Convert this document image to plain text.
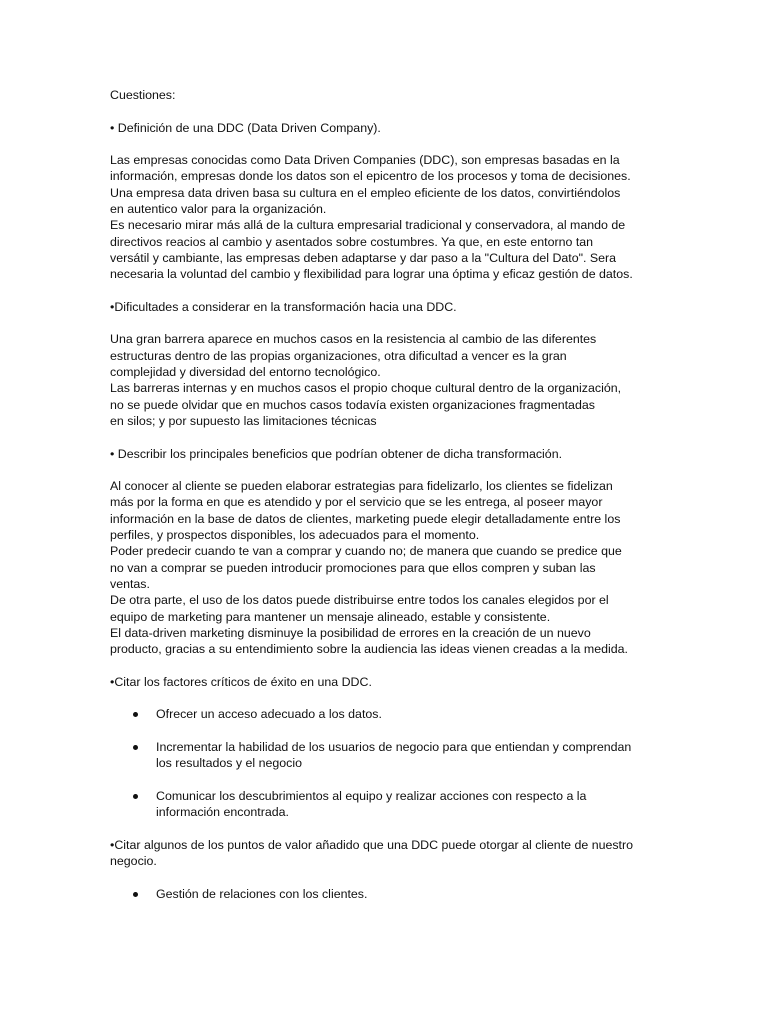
Cuestiones:
• Definición de una DDC (Data Driven Company).
Las empresas conocidas como Data Driven Companies (DDC), son empresas basadas en la
información, empresas donde los datos son el epicentro de los procesos y toma de decisiones.
Una empresa data driven basa su cultura en el empleo eficiente de los datos, convirtiéndolos
en autentico valor para la organización.
Es necesario mirar más allá de la cultura empresarial tradicional y conservadora, al mando de
directivos reacios al cambio y asentados sobre costumbres. Ya que, en este entorno tan
versátil y cambiante, las empresas deben adaptarse y dar paso a la "Cultura del Dato". Sera
necesaria la voluntad del cambio y flexibilidad para lograr una óptima y eficaz gestión de datos.
•Dificultades a considerar en la transformación hacia una DDC.
Una gran barrera aparece en muchos casos en la resistencia al cambio de las diferentes
estructuras dentro de las propias organizaciones, otra dificultad a vencer es la gran
complejidad y diversidad del entorno tecnológico.
Las barreras internas y en muchos casos el propio choque cultural dentro de la organización,
no se puede olvidar que en muchos casos todavía existen organizaciones fragmentadas
en silos; y por supuesto las limitaciones técnicas
• Describir los principales beneficios que podrían obtener de dicha transformación.
Al conocer al cliente se pueden elaborar estrategias para fidelizarlo, los clientes se fidelizan
más por la forma en que es atendido y por el servicio que se les entrega, al poseer mayor
información en la base de datos de clientes, marketing puede elegir detalladamente entre los
perfiles, y prospectos disponibles, los adecuados para el momento.
Poder predecir cuando te van a comprar y cuando no; de manera que cuando se predice que
no van a comprar se pueden introducir promociones para que ellos compren y suban las
ventas.
De otra parte, el uso de los datos puede distribuirse entre todos los canales elegidos por el
equipo de marketing para mantener un mensaje alineado, estable y consistente.
El data-driven marketing disminuye la posibilidad de errores en la creación de un nuevo
producto, gracias a su entendimiento sobre la audiencia las ideas vienen creadas a la medida.
•Citar los factores críticos de éxito en una DDC.
Ofrecer un acceso adecuado a los datos.
Incrementar la habilidad de los usuarios de negocio para que entiendan y comprendan
los resultados y el negocio
Comunicar los descubrimientos al equipo y realizar acciones con respecto a la
información encontrada.
•Citar algunos de los puntos de valor añadido que una DDC puede otorgar al cliente de nuestro
negocio.
Gestión de relaciones con los clientes.
